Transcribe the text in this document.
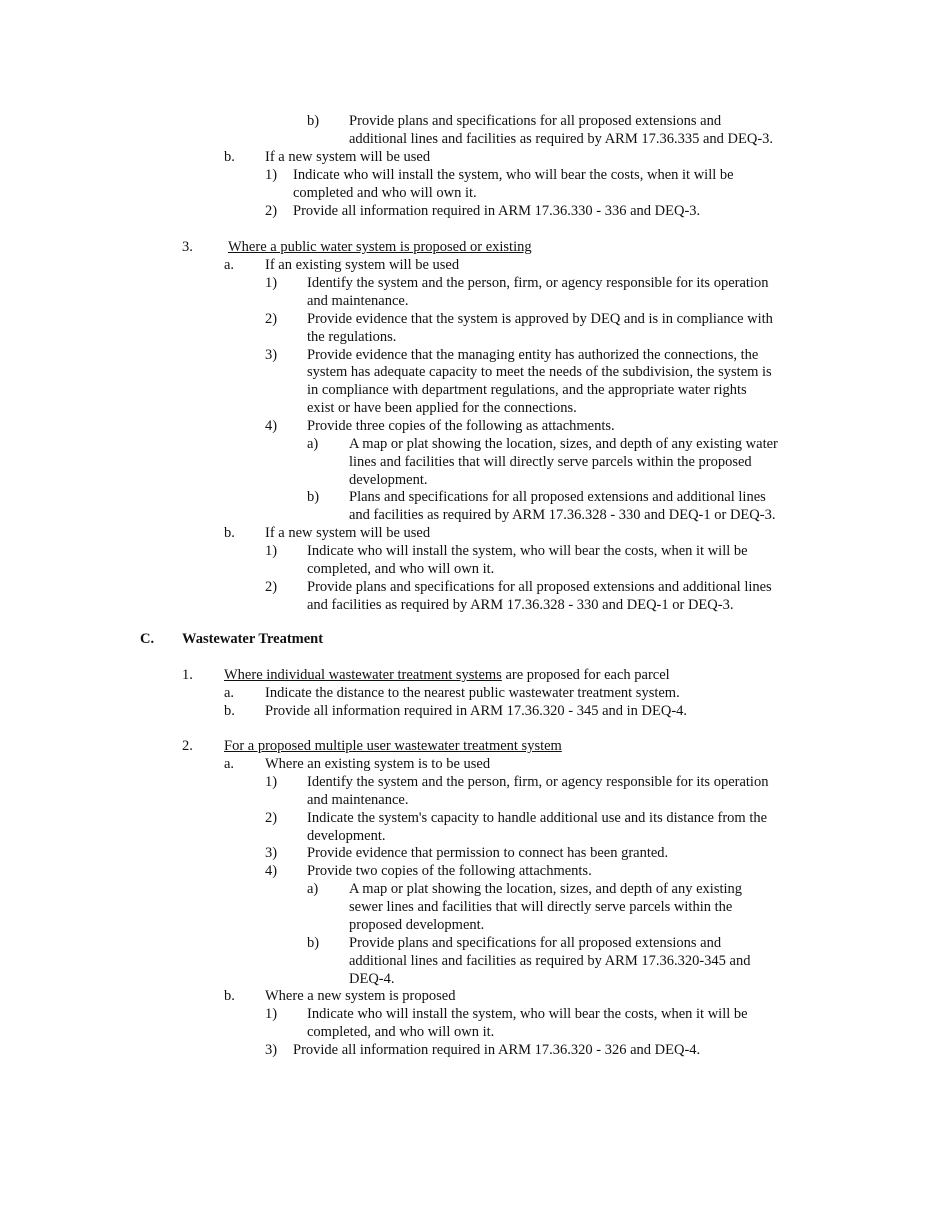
b) Provide plans and specifications for all proposed extensions and
additional lines and facilities as required by ARM 17.36.335 and DEQ-3.
b. If a new system will be used
1) Indicate who will install the system, who will bear the costs, when it will be
completed and who will own it.
2) Provide all information required in ARM 17.36.330 - 336 and DEQ-3.
3. Where a public water system is proposed or existing
a. If an existing system will be used
1) Identify the system and the person, firm, or agency responsible for its operation
and maintenance.
2) Provide evidence that the system is approved by DEQ and is in compliance with
the regulations.
3) Provide evidence that the managing entity has authorized the connections, the
system has adequate capacity to meet the needs of the subdivision, the system is
in compliance with department regulations, and the appropriate water rights
exist or have been applied for the connections.
4) Provide three copies of the following as attachments.
a) A map or plat showing the location, sizes, and depth of any existing water
lines and facilities that will directly serve parcels within the proposed
development.
b) Plans and specifications for all proposed extensions and additional lines
and facilities as required by ARM 17.36.328 - 330 and DEQ-1 or DEQ-3.
b. If a new system will be used
1) Indicate who will install the system, who will bear the costs, when it will be
completed, and who will own it.
2) Provide plans and specifications for all proposed extensions and additional lines
and facilities as required by ARM 17.36.328 - 330 and DEQ-1 or DEQ-3.
C. Wastewater Treatment
1. Where individual wastewater treatment systems are proposed for each parcel
a. Indicate the distance to the nearest public wastewater treatment system.
b. Provide all information required in ARM 17.36.320 - 345 and in DEQ-4.
2. For a proposed multiple user wastewater treatment system
a. Where an existing system is to be used
1) Identify the system and the person, firm, or agency responsible for its operation
and maintenance.
2) Indicate the system's capacity to handle additional use and its distance from the
development.
3) Provide evidence that permission to connect has been granted.
4) Provide two copies of the following attachments.
a) A map or plat showing the location, sizes, and depth of any existing
sewer lines and facilities that will directly serve parcels within the
proposed development.
b) Provide plans and specifications for all proposed extensions and
additional lines and facilities as required by ARM 17.36.320-345 and
DEQ-4.
b. Where a new system is proposed
1) Indicate who will install the system, who will bear the costs, when it will be
completed, and who will own it.
3) Provide all information required in ARM 17.36.320 - 326 and DEQ-4.
